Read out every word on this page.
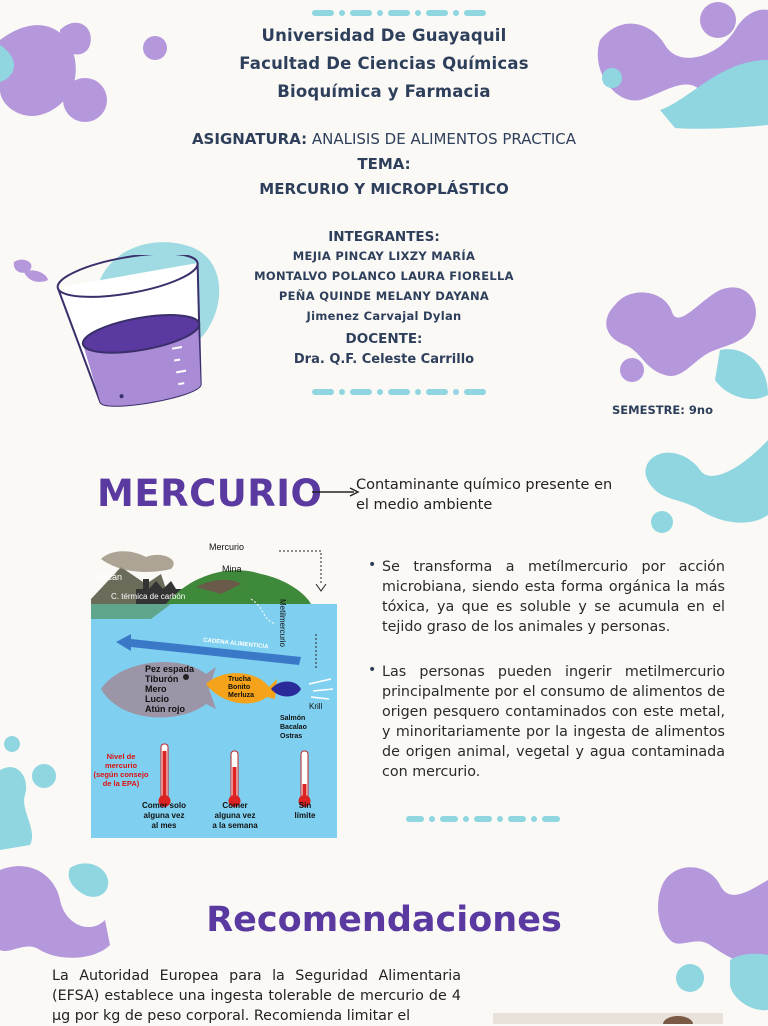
Universidad De Guayaquil
Facultad De Ciencias Químicas
Bioquímica y Farmacia
ASIGNATURA: ANALISIS DE ALIMENTOS PRACTICA
TEMA:
MERCURIO Y MICROPLÁSTICO
INTEGRANTES:
MEJIA PINCAY LIXZY MARÍA
MONTALVO POLANCO LAURA FIORELLA
PEÑA QUINDE MELANY DAYANA
Jimenez Carvajal Dylan
DOCENTE:
Dra. Q.F. Celeste Carrillo
SEMESTRE: 9no
MERCURIO Contaminante químico presente en el medio ambiente
Mercurio
Volcán
Mina
C. térmica de carbón
Metilmercurio
CADENA ALIMENTICIA
Pez espada
Tiburón
Mero
Lucio
Atún rojo
Trucha
Bonito
Merluza
Krill
Salmón
Bacalao
Ostras
Nivel de
mercurio
(según consejo
de la EPA)
Comer solo
alguna vez
al mes
Comer
alguna vez
a la semana
Sin
límite
• Se transforma a metílmercurio por acción microbiana, siendo esta forma orgánica la más tóxica, ya que es soluble y se acumula en el tejido graso de los animales y personas.
• Las personas pueden ingerir metilmercurio principalmente por el consumo de alimentos de origen pesquero contaminados con este metal, y minoritariamente por la ingesta de alimentos de origen animal, vegetal y agua contaminada con mercurio.
Recomendaciones
La Autoridad Europea para la Seguridad Alimentaria (EFSA) establece una ingesta tolerable de mercurio de 4 µg por kg de peso corporal. Recomienda limitar el
